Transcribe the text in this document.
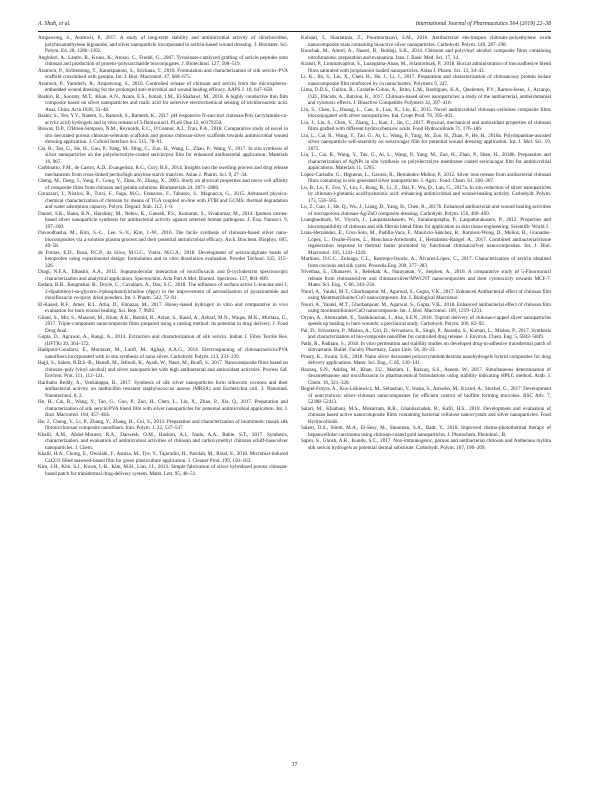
A. Shah, et al.	International Journal of Pharmaceutics 564 (2019) 22–38

Ampawong, S., Aramwit, P., 2017. A study of long-term stability and antimicrobial activity of chlorhexidine, polyhexamethylene biguanide, and silver nanoparticle incorporated in sericin-based wound dressing. J. Biomater. Sci. Polym. Ed. 28, 1286–1302.

Anghileri, A., Lantto, R., Kruus, K., Arosio, C., Freddi, G., 2007. Tyrosinase-catalyzed grafting of sericin peptides onto chitosan and production of protein–polysaccharide bioconjugates. J. Biotechnol. 127, 508–519.

Aramwit, P., Siritientong, T., Kanokpanont, S., Srichana, T., 2010. Formulation and characterization of silk sericin–PVA scaffold crosslinked with genipin. Int. J. Biol. Macromol. 47, 668–675.

Aramwit, P., Yamdech, R., Ampawong, S., 2016. Controlled release of chitosan and sericin from the microspheres-embedded wound dressing for the prolonged anti-microbial and wound healing efficacy. AAPS J. 18, 647–658.

Bashiri, R., Sooraty, M.T., Khan, A.N., Azam, E.S., Ismail, I.M., El-Shahawi, M., 2018. A highly conductive thin film composite based on silver nanoparticles and malic acid for selective electrochemical sensing of trichloroacetic acid. Anal. Chim. Acta 1036, 33–48.

Bashir, S., Teo, Y.Y., Naeem, S., Ramesh, S., Ramesh, K., 2017. pH responsive N-succinyl chitosan/Poly (acrylamide-co-acrylic acid) hydrogels and in vitro release of 5-fluorouracil. PLoS One 12, e0179250.

Biswas, D.P., O'Brien-Simpson, N.M., Reynolds, E.C., O'Connor, A.J., Tran, P.A., 2018. Comparative study of novel in situ decorated porous chitosan-selenium scaffolds and porous chitosan-silver scaffolds towards antimicrobial wound dressing application. J. Colloid Interface Sci. 515, 78–91.

Cai, R., Tao, G., He, H., Guo, P., Yang, M., Ding, C., Zuo, H., Wang, L., Zhao, P., Wang, Y., 2017. In situ synthesis of silver nanoparticles on the polyelectrolyte-coated sericin/pva film for enhanced antibacterial application. Materials 10, 967.

Carbinatto, F.M., de Castro, A.D., Evangelista, R.C., Cury, B.S., 2014. Insights into the swelling process and drug release mechanisms from cross-linked pectin/high amylose starch matrices. Asian J. Pharm. Sci. 9, 27–34.

Cheng, M., Deng, J., Yang, F., Gong, Y., Zhao, N., Zhang, X., 2003. Study on physical properties and nerve cell affinity of composite films from chitosan and gelatin solutions. Biomaterials 24, 2871–2880.

Corazzari, I., Nisticò, R., Turci, F., Faga, M.G., Franzoso, F., Tabasso, S., Magnacca, G., 2015. Advanced physico-chemical characterization of chitosan by means of TGA coupled on-line with FTIR and GCMS: thermal degradation and water adsorption capacity. Polym. Degrad. Stab. 112, 1–9.

Daniel, S.K., Banu, B.N., Harshiny, M., Nehru, K., Ganesh, P.S., Kumaran, S., Sivakumar, M., 2014. Ipomea carnea-based silver nanoparticle synthesis for antibacterial activity against selected human pathogens. J. Exp. Nanosci. 9, 197–209.

Davoodbasha, M., Kim, S.-C., Lee, S.-Y., Kim, J.-W., 2016. The facile synthesis of chitosan-based silver nano-biocomposites via a solution plasma process and their potential antimicrobial efficacy. Arch. Biochem. Biophys. 605, 49–58.

de Freitas, E.D., Rosa, P.C.P., da Silva, M.G.C., Vieira, M.G.A., 2018. Development of sericin/alginate beads of ketoprofen using experimental design: formulation and in vitro dissolution evaluation. Powder Technol. 335, 315–326.

Dragi, N.F.A., Elbashir, A.A., 2015. Supramolecular interaction of moxifloxacin and β-cyclodextrin spectroscopic characterization and analytical application. Spectrochim. Acta Part A Mol. Biomol. Spectrosc. 137, 804–809.

Eedara, B.B., Rangnekar, B., Doyle, C., Cavallaro, A., Das, S.C., 2018. The influence of surface active L-leucine and 1, 2-dipalmitoyl-sn-glycero-3-phosphatidylcholine (dppc) in the improvement of aerosolization of pyrazinamide and moxifloxacin co-spray dried powders. Int. J. Pharm. 542, 72–81.

El-Kased, R.F., Amer, R.I., Attia, D., Elmazar, M., 2017. Honey-based hydrogel: in vitro and comparative in vivo evaluation for burn wound healing. Sci. Rep. 7, 9692.

Gilani, S., Mir, S., Masood, M., Khan, A.K., Rashid, R., Azhar, S., Rasul, A., Ashraf, M.N., Waqas, M.K., Murtaza, G., 2017. Triple-component nanocomposite films prepared using a casting method: its potential in drug delivery. J. Food Drug Anal.

Gupta, D., Agrawal, A., Rangi, A., 2014. Extraction and characterization of silk sericin. Indian J. Fibre Textile Res. (IJFTR) 39, 364–372.

Hadipour-Goudarzi, E., Montazer, M., Latifi, M., Aghaji, A.A.G., 2014. Electrospinning of chitosan/sericin/PVA nanofibers incorporated with in situ synthesis of nano silver. Carbohydr. Polym. 113, 231–239.

Hajji, S., Salem, R.B.S.-B., Hamdi, M., Jellouli, K., Ayadi, W., Nasri, M., Boufi, S., 2017. Nanocomposite films based on chitosan–poly (vinyl alcohol) and silver nanoparticles with high antibacterial and antioxidant activities. Process Saf. Environ. Prot. 111, 112–121.

Haribabu Reddy, A., Venkatappa, B., 2017. Synthesis of silk silver nanoparticles form silkworm cocoons and their antibacterial activity on methicillin resistant staphylococcus aureus (MRSA) and Escherichia coli. J. Nanomed. Nanotechnol. 8, 2.

He, H., Cai, R., Wang, Y., Tao, G., Guo, P., Zuo, H., Chen, L., Liu, X., Zhao, P., Xia, Q., 2017. Preparation and characterization of silk sericin/PVA blend film with silver nanoparticles for potential antimicrobial application. Int. J. Biol. Macromol. 104, 457–464.

He, J., Cheng, Y., Li, P., Zhang, Y., Zhang, H., Cui, S., 2013. Preparation and characterization of biomimetic tussah silk fibroin/chitosan composite nanofibers. Iran. Polym. J. 22, 537–547.

Khalil, A.M., Abdel-Monem, R.A., Darwesh, O.M., Hashim, A.I., Nada, A.A., Rabie, S.T., 2017. Synthesis, characterization, and evaluation of antimicrobial activities of chitosan and carboxymethyl chitosan schiff-base/silver nanoparticles. J. Chem.

Khalil, H.A., Chong, E., Owolabi, F., Asniza, M., Tye, Y., Tajarudin, H., Paridah, M., Rizal, S., 2018. Microbial-induced CaCO3 filled seaweed-based film for green plasticulture application. J. Cleaner Prod. 199, 150–163.

Kim, J.H., Kim, S.J., Kwon, I.-B., Kim, M.H., Lim, J.I., 2013. Simple fabrication of silver hybridized porous chitosan-based patch for transdermal drug-delivery system. Mater. Lett. 95, 48–51.

Kohsari, I., Shariatinia, Z., Pourmortazavi, S.M., 2016. Antibacterial electrospun chitosan–polyethylene oxide nanocomposite mats containing bioactive silver nanoparticles. Carbohydr. Polym. 140, 287–298.

Kouchak, M., Ameri, A., Naseri, B., Boldaji, S.K., 2014. Chitosan and polyvinyl alcohol composite films containing nitrofurazone: preparation and evaluation. Iran. J. Basic Med. Sci. 17, 14.

Kraisit, P., Limmatvapirat, S., Luangtana-Anan, M., Sriamornsak, P., 2018. Buccal administration of mucoadhesive blend films saturated with propranolol loaded nanoparticles. Asian J. Pharm. Sci. 13, 34–43.

Li, K., Jin, S., Liu, X., Chen, H., He, J., Li, J., 2017. Preparation and characterization of chitosan/soy protein isolate nanocomposite film reinforced by cu nanoclusters. Polymers 9, 247.

Lima, D.D.S., Gullon, B., Cardelle-Cobas, A., Brito, L.M., Rodrigues, K.A., Quelemes, P.V., Ramos-Jesus, J., Arcanjo, D.D., Plácido, A., Batziou, K., 2017. Chitosan-based silver nanoparticles: a study of the antibacterial, antileishmanial and cytotoxic effects. J. Bioactive Compatible Polymers 32, 397–410.

Lin, S., Chen, L., Huang, L., Cao, S., Luo, X., Liu, K., 2015. Novel antimicrobial chitosan–cellulose composite films bioconjugated with silver nanoparticles. Ind. Crops Prod. 70, 395–403.

Liu, J., Liu, S., Chen, Y., Zhang, L., Kan, J., Jin, C., 2017. Physical, mechanical and antioxidant properties of chitosan films grafted with different hydroxybenzoic acids. Food Hydrocolloids 71, 176–186.

Liu, L., Cai, R., Wang, Y., Tao, G., Ai, L., Wang, P., Yang, M., Zuo, H., Zhao, P., He, H., 2018a. Polydopamine-assisted silver nanoparticle self-assembly on sericin/agar film for potential wound dressing application. Int. J. Mol. Sci. 19, 2875.

Liu, L., Cai, R., Wang, Y., Tao, G., Ai, L., Wang, P., Yang, M., Zuo, H., Zhao, P., Shen, H., 2018b. Preparation and characterization of AgNPs in situ synthesis on polyelectrolyte membrane coated sericin/agar film for antimicrobial applications. Materials 11, 1205.

López-Carballo, G., Higueras, L., Gavara, R., Hernández-Muñoz, P., 2012. Silver ions release from antibacterial chitosan films containing in situ generated silver nanoparticles. J. Agric. Food. Chem. 61, 260–267.

Lu, B., Lu, F., Zou, Y., Liu, J., Rong, B., Li, Z., Dai, F., Wu, D., Lan, G., 2017a. In situ reduction of silver nanoparticles by chitosan-l-glutamic acid/hyaluronic acid: enhancing antimicrobial and wound-healing activity. Carbohydr. Polym. 173, 556–565.

Lu, Z., Gao, J., He, Q., Wu, J., Liang, D., Yang, H., Chen, R., 2017b. Enhanced antibacterial and wound healing activities of microporous chitosan-Ag/ZnO composite dressing. Carbohydr. Polym. 156, 460–469.

Luangbudnark, W., Viyoch, J., Laupattarakasem, W., Surakunprapha, P., Laupattarakasem, P., 2012. Properties and biocompatibility of chitosan and silk fibroin blend films for application in skin tissue engineering. Scientific World J.

Luna-Hernández, E., Cruz-Soto, M., Padilla-Vaca, F., Mauricio-Sánchez, R., Ramirez-Wong, D., Muñoz, R., Granados-López, L., Ovalle-Flores, L., Menchaca-Arredondo, J., Hernández-Rangel, A., 2017. Combined antibacterial/tissue regeneration response in thermal burns promoted by functional chitosan/silver nanocomposites. Int. J. Biol. Macromol. 105, 1241–1249.

Martínez, D.C.C., Zuluaga, C.L., Restrepo-Osorio, A., Álvarez-López, C., 2017. Characterization of sericin obtained from cocoons and silk yarns. Procedia Eng. 200, 377–383.

Nivethaa, E., Dhanavel, S., Rebekah, A., Narayanan, V., Stephen, A., 2016. A comparative study of 5-Fluorouracil release from chitosan/silver and chitosan/silver/MWCNT nanocomposites and their cytotoxicity towards MCF-7. Mater. Sci. Eng., C 66, 244–250.

Nouri, A., Yaraki, M.T., Ghorbanpour, M., Agarwal, S., Gupta, V.K., 2017. Enhanced Antibacterial effect of chitosan film using Montmorillonite/CuO nanocomposite. Int. J. Biological Macromol.

Nouri, A., Yaraki, M.T., Ghorbanpour, M., Agarwal, S., Gupta, V.K., 2018. Enhanced antibacterial effect of chitosan film using montmorillonite/CuO nanocomposite. Int. J. Biol. Macromol. 109, 1219–1231.

Oryan, A., Alemzadeh, E., Tashkhourian, J., Ana, S.F.N., 2018. Topical delivery of chitosan-capped silver nanoparticles speeds up healing in burn wounds: a preclinical study. Carbohydr. Polym. 200, 82–92.

Pal, D., Srivastava, P., Mishra, A., Giri, D., Srivastava, K., Singh, P., Awasthi, S., Kumari, L., Mishra, P., 2017. Synthesis and characterization of bio-composite nanofiber for controlled drug release. J. Environ. Chem. Eng. 5, 5843–5849.

Pathi, R., Padilam, S., 2018. In vitro permeation and stability studies on developed drug-in-adhesive transdermal patch of simvastatin. Bullet. Faculty Pharmacy, Cairo Univ. 56, 26–33.

Prusty, K., Swain, S.K., 2018. Nano silver decorated polyacrylamide/dextran nanohydrogels hybrid composites for drug delivery applications. Mater. Sci. Eng., C 85, 130–141.

Razzaq, S.N., Ashfaq, M., Khan, I.U., Mariam, I., Razzaq, S.S., Azeem, W., 2017. Simultaneous determination of dexamethasone and moxifloxacin in pharmaceutical formulations using stability indicating HPLC method. Arab. J. Chem. 10, 321–328.

Regiel-Futyra, A., Kus-Liśkiewicz, M., Sebastian, V., Irusta, S., Arruebo, M., Kyzioł, A., Stochel, G., 2017. Development of noncytotoxic silver–chitosan nanocomposites for efficient control of biofilm forming microbes. RSC Adv. 7, 52398–52413.

Salari, M., Khiabani, M.S., Mokarram, R.R., Ghanbarzadeh, B., Kafil, H.S., 2018. Development and evaluation of chitosan based active nanocomposite films containing bacterial cellulose nanocrystals and silver nanoparticles. Food Hydrocolloids.

Salem, D.S., Sliem, M.A., El-Sesy, M., Shouman, S.A., Badr, Y., 2018. Improved chemo-photothermal therapy of hepatocellular carcinoma using chitosan-coated gold nanoparticles. J. Photochem. Photobiol., B.

Sapru, S., Ghosh, A.K., Kundu, S.C., 2017. Non-immunogenic, porous and antibacterial chitosan and Antheraea mylitta silk sericin hydrogels as potential dermal substitute. Carbohydr. Polym. 167, 196–209.

37
